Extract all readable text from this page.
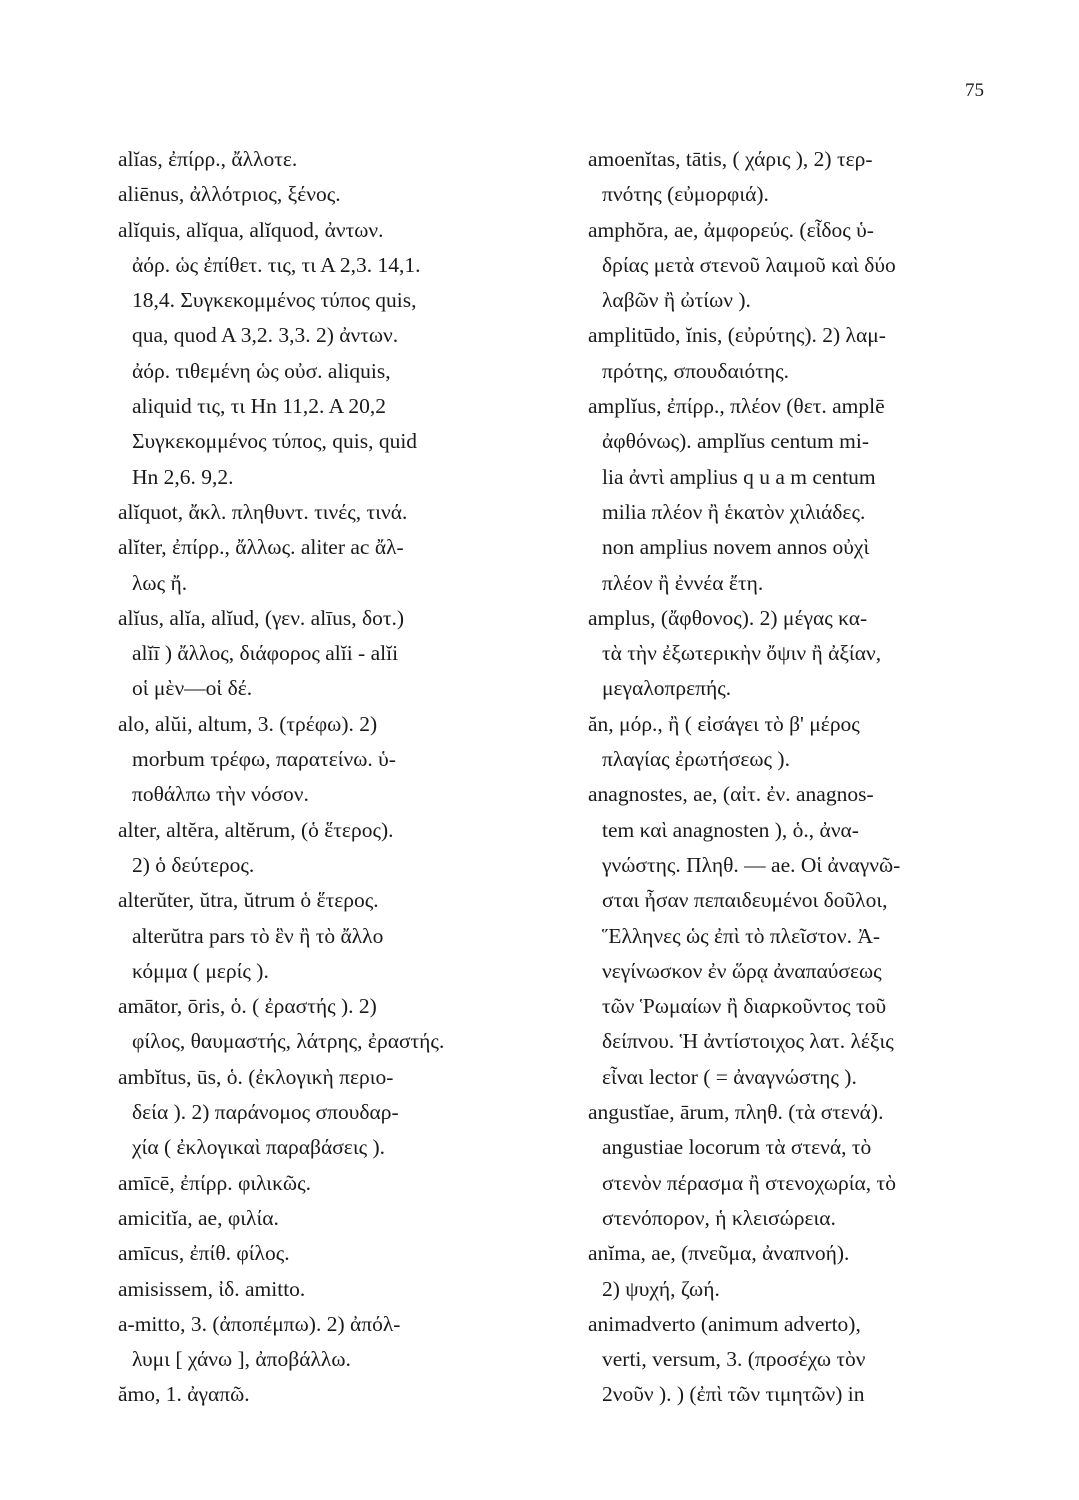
75
alĭas, ἐπίρρ., ἄλλοτε.
aliēnus, ἀλλότριος, ξένος.
alĭquis, alĭqua, alĭquod, ἀντων.
ἀόρ. ὡς ἐπίθετ. τις, τι Α 2,3. 14,1.
18,4. Συγκεκομμένος τύπος quis,
qua, quod A 3,2. 3,3. 2) ἀντων.
ἀόρ. τιθεμένη ὡς οὐσ. aliquis,
aliquid τις, τι Hn 11,2. A 20,2
Συγκεκομμένος τύπος, quis, quid
Hn 2,6. 9,2.
alĭquot, ἄκλ. πληθυντ. τινές, τινά.
alĭter, ἐπίρρ., ἄλλως. aliter ac ἄλ-
λως ἤ.
alĭus, alĭa, alĭud, (γεν. alīus, δοτ.)
alĭī ) ἄλλος, διάφορος alĭi - alĭi
οἱ μὲν—οἱ δέ.
alo, alŭi, altum, 3. (τρέφω). 2)
morbum τρέφω, παρατείνω. ὑ-
ποθάλπω τὴν νόσον.
alter, altĕra, altĕrum, (ὁ ἕτερος).
2) ὁ δεύτερος.
alterŭter, ŭtra, ŭtrum ὁ ἕτερος.
alterŭtra pars τὸ ἓν ἢ τὸ ἄλλο
κόμμα ( μερίς ).
amātor, ōris, ὁ. ( ἐραστής ). 2)
φίλος, θαυμαστής, λάτρης, ἐραστής.
ambĭtus, ūs, ὁ. (ἐκλογικὴ περιο-
δεία ). 2) παράνομος σπουδαρ-
χία ( ἐκλογικαὶ παραβάσεις ).
amīcē, ἐπίρρ. φιλικῶς.
amicitĭa, ae, φιλία.
amīcus, ἐπίθ. φίλος.
amisissem, ἰδ. amitto.
a-mitto, 3. (ἀποπέμπω). 2) ἀπόλ-
λυμι [ χάνω ], ἀποβάλλω.
ămo, 1. ἀγαπῶ.
amoenĭtas, tātis, ( χάρις ), 2) τερ-
πνότης (εὐμορφιά).
amphŏra, ae, ἀμφορεύς. (εἶδος ὑ-
δρίας μετὰ στενοῦ λαιμοῦ καὶ δύο
λαβῶν ἢ ὠτίων ).
amplitūdo, ĭnis, (εὐρύτης). 2) λαμ-
πρότης, σπουδαιότης.
amplĭus, ἐπίρρ., πλέον (θετ. amplē
ἀφθόνως). amplĭus centum mi-
lia ἀντὶ amplius q u a m centum
milia πλέον ἢ ἑκατὸν χιλιάδες.
non amplius novem annos οὐχὶ
πλέον ἢ ἐννέα ἔτη.
amplus, (ἄφθονος). 2) μέγας κα-
τὰ τὴν ἐξωτερικὴν ὄψιν ἢ ἀξίαν,
μεγαλοπρεπής.
ăn, μόρ., ἢ ( εἰσάγει τὸ β' μέρος
πλαγίας ἐρωτήσεως ).
anagnostes, ae, (αἰτ. ἐν. anagnos-
tem καὶ anagnosten ), ὁ., ἀνα-
γνώστης. Πληθ. — ae. Οἱ ἀναγνῶ-
σται ἦσαν πεπαιδευμένοι δοῦλοι,
Ἕλληνες ὡς ἐπὶ τὸ πλεῖστον. Ἀ-
νεγίνωσκον ἐν ὥρᾳ ἀναπαύσεως
τῶν Ῥωμαίων ἢ διαρκοῦντος τοῦ
δείπνου. Ἡ ἀντίστοιχος λατ. λέξις
εἶναι lector ( = ἀναγνώστης ).
angustĭae, ārum, πληθ. (τὰ στενά).
angustiae locorum τὰ στενά, τὸ
στενὸν πέρασμα ἢ στενοχωρία, τὸ
στενόπορον, ἡ κλεισώρεια.
anĭma, ae, (πνεῦμα, ἀναπνοή).
2) ψυχή, ζωή.
animadverto (animum adverto),
verti, versum, 3. (προσέχω τὸν
2νοῦν ). ) (ἐπὶ τῶν τιμητῶν) in
